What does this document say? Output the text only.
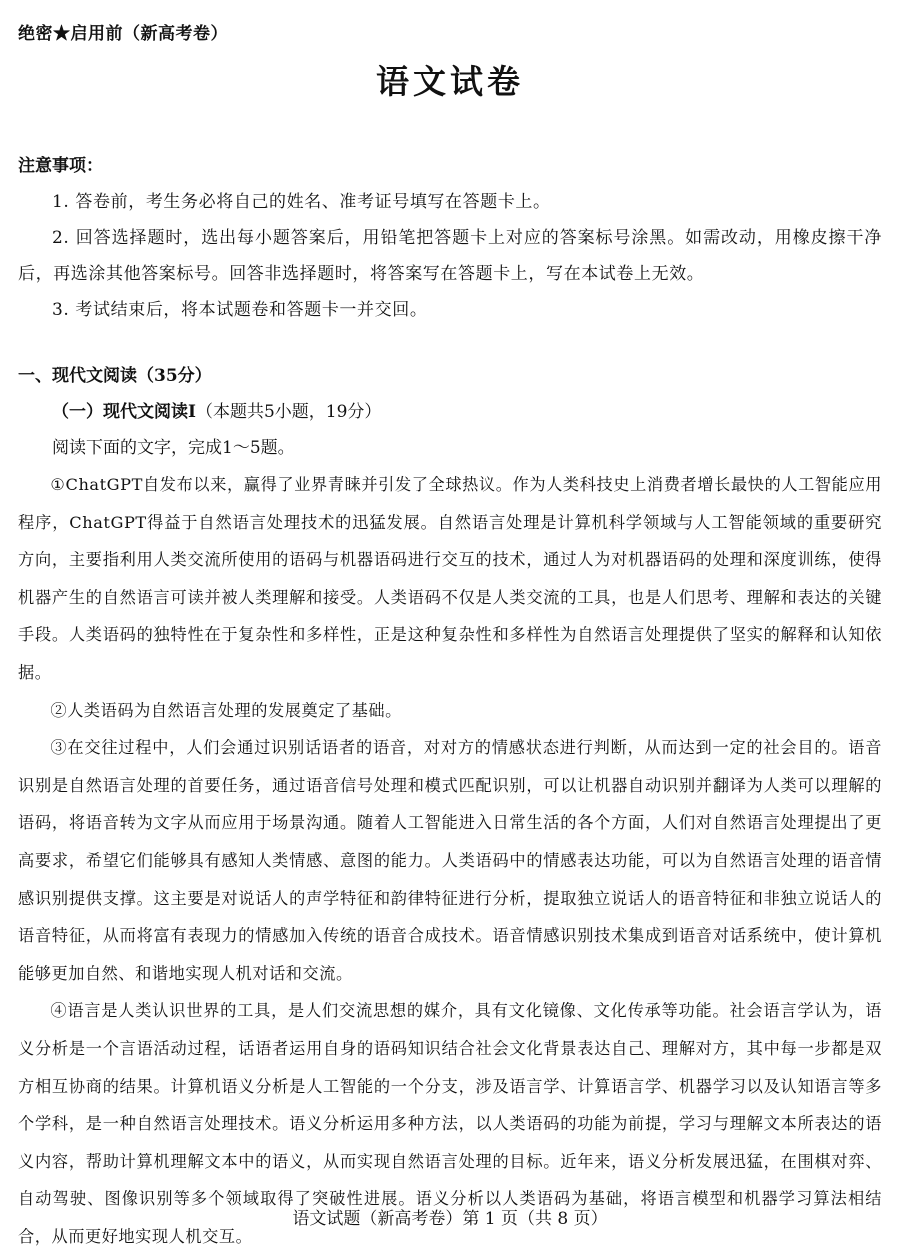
绝密★启用前（新高考卷）
语文试卷
注意事项：
1. 答卷前，考生务必将自己的姓名、准考证号填写在答题卡上。
2. 回答选择题时，选出每小题答案后，用铅笔把答题卡上对应的答案标号涂黑。如需改动，用橡皮擦干净后，再选涂其他答案标号。回答非选择题时，将答案写在答题卡上，写在本试卷上无效。
3. 考试结束后，将本试题卷和答题卡一并交回。
一、现代文阅读（35分）
（一）现代文阅读Ⅰ（本题共5小题，19分）
阅读下面的文字，完成1～5题。
①ChatGPT自发布以来，赢得了业界青睐并引发了全球热议。作为人类科技史上消费者增长最快的人工智能应用程序，ChatGPT得益于自然语言处理技术的迅猛发展。自然语言处理是计算机科学领域与人工智能领域的重要研究方向，主要指利用人类交流所使用的语码与机器语码进行交互的技术，通过人为对机器语码的处理和深度训练，使得机器产生的自然语言可读并被人类理解和接受。人类语码不仅是人类交流的工具，也是人们思考、理解和表达的关键手段。人类语码的独特性在于复杂性和多样性，正是这种复杂性和多样性为自然语言处理提供了坚实的解释和认知依据。
②人类语码为自然语言处理的发展奠定了基础。
③在交往过程中，人们会通过识别话语者的语音，对对方的情感状态进行判断，从而达到一定的社会目的。语音识别是自然语言处理的首要任务，通过语音信号处理和模式匹配识别，可以让机器自动识别并翻译为人类可以理解的语码，将语音转为文字从而应用于场景沟通。随着人工智能进入日常生活的各个方面，人们对自然语言处理提出了更高要求，希望它们能够具有感知人类情感、意图的能力。人类语码中的情感表达功能，可以为自然语言处理的语音情感识别提供支撑。这主要是对说话人的声学特征和韵律特征进行分析，提取独立说话人的语音特征和非独立说话人的语音特征，从而将富有表现力的情感加入传统的语音合成技术。语音情感识别技术集成到语音对话系统中，使计算机能够更加自然、和谐地实现人机对话和交流。
④语言是人类认识世界的工具，是人们交流思想的媒介，具有文化镜像、文化传承等功能。社会语言学认为，语义分析是一个言语活动过程，话语者运用自身的语码知识结合社会文化背景表达自己、理解对方，其中每一步都是双方相互协商的结果。计算机语义分析是人工智能的一个分支，涉及语言学、计算语言学、机器学习以及认知语言等多个学科，是一种自然语言处理技术。语义分析运用多种方法，以人类语码的功能为前提，学习与理解文本所表达的语义内容，帮助计算机理解文本中的语义，从而实现自然语言处理的目标。近年来，语义分析发展迅猛，在围棋对弈、自动驾驶、图像识别等多个领域取得了突破性进展。语义分析以人类语码为基础，将语言模型和机器学习算法相结合，从而更好地实现人机交互。
语文试题（新高考卷）第 1 页（共 8 页）
